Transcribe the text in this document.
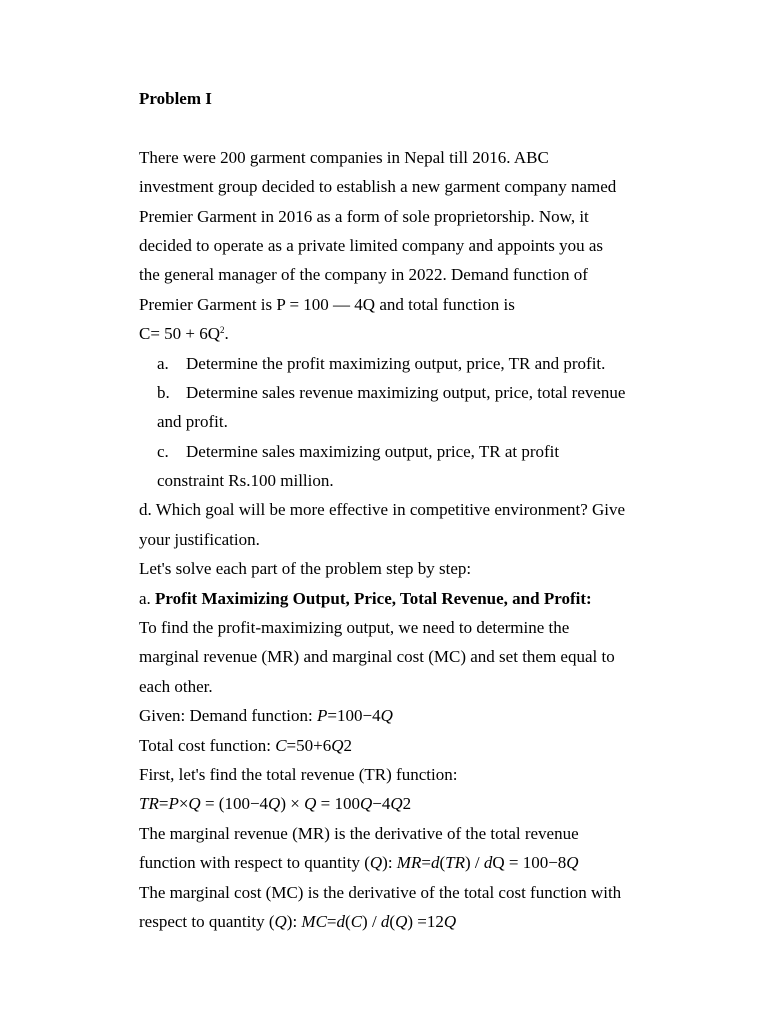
Problem I
There were 200 garment companies in Nepal till 2016. ABC
investment group decided to establish a new garment company named
Premier Garment in 2016 as a form of sole proprietorship. Now, it
decided to operate as a private limited company and appoints you as
the general manager of the company in 2022. Demand function of
Premier Garment is P = 100 — 4Q and total function is
$C= 50 + 6Q^2$.
a. Determine the profit maximizing output, price, TR and profit.
b. Determine sales revenue maximizing output, price, total revenue
and profit.
c. Determine sales maximizing output, price, TR at profit
constraint Rs.100 million.
d. Which goal will be more effective in competitive environment? Give
your justification.
Let's solve each part of the problem step by step:
a. Profit Maximizing Output, Price, Total Revenue, and Profit:
To find the profit-maximizing output, we need to determine the
marginal revenue (MR) and marginal cost (MC) and set them equal to
each other.
Given: Demand function: P=100−4Q
Total cost function: C=50+6Q2
First, let's find the total revenue (TR) function:
TR=P×Q = (100−4Q) × Q = 100Q−4Q2
The marginal revenue (MR) is the derivative of the total revenue
function with respect to quantity (Q): MR=d(TR) / dQ = 100−8Q
The marginal cost (MC) is the derivative of the total cost function with
respect to quantity (Q): MC=d(C) / d(Q) =12Q
